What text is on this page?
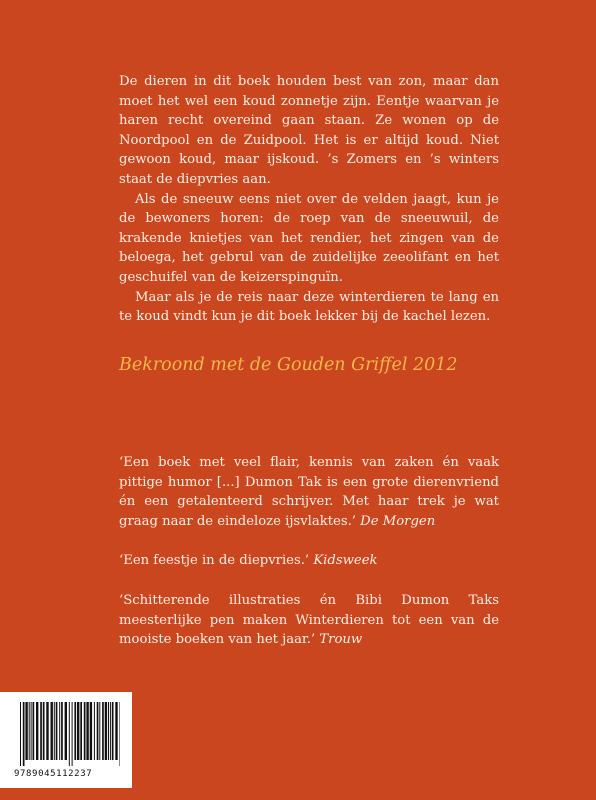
De dieren in dit boek houden best van zon, maar dan moet het wel een koud zonnetje zijn. Eentje waarvan je haren recht overeind gaan staan. Ze wonen op de Noordpool en de Zuidpool. Het is er altijd koud. Niet gewoon koud, maar ijskoud. ’s Zomers en ’s winters staat de diepvries aan.

Als de sneeuw eens niet over de velden jaagt, kun je de bewoners horen: de roep van de sneeuwuil, de krakende knietjes van het rendier, het zingen van de beloega, het gebrul van de zuidelijke zeeolifant en het geschuifel van de keizerspinguïn.

Maar als je de reis naar deze winterdieren te lang en te koud vindt kun je dit boek lekker bij de kachel lezen.

Bekroond met de Gouden Griffel 2012

‘Een boek met veel flair, kennis van zaken én vaak pittige humor [...] Dumon Tak is een grote dierenvriend én een getalenteerd schrijver. Met haar trek je wat graag naar de eindeloze ijsvlaktes.’ De Morgen

‘Een feestje in de diepvries.’ Kidsweek

‘Schitterende illustraties én Bibi Dumon Taks meesterlijke pen maken Winterdieren tot een van de mooiste boeken van het jaar.’ Trouw

9789045112237
